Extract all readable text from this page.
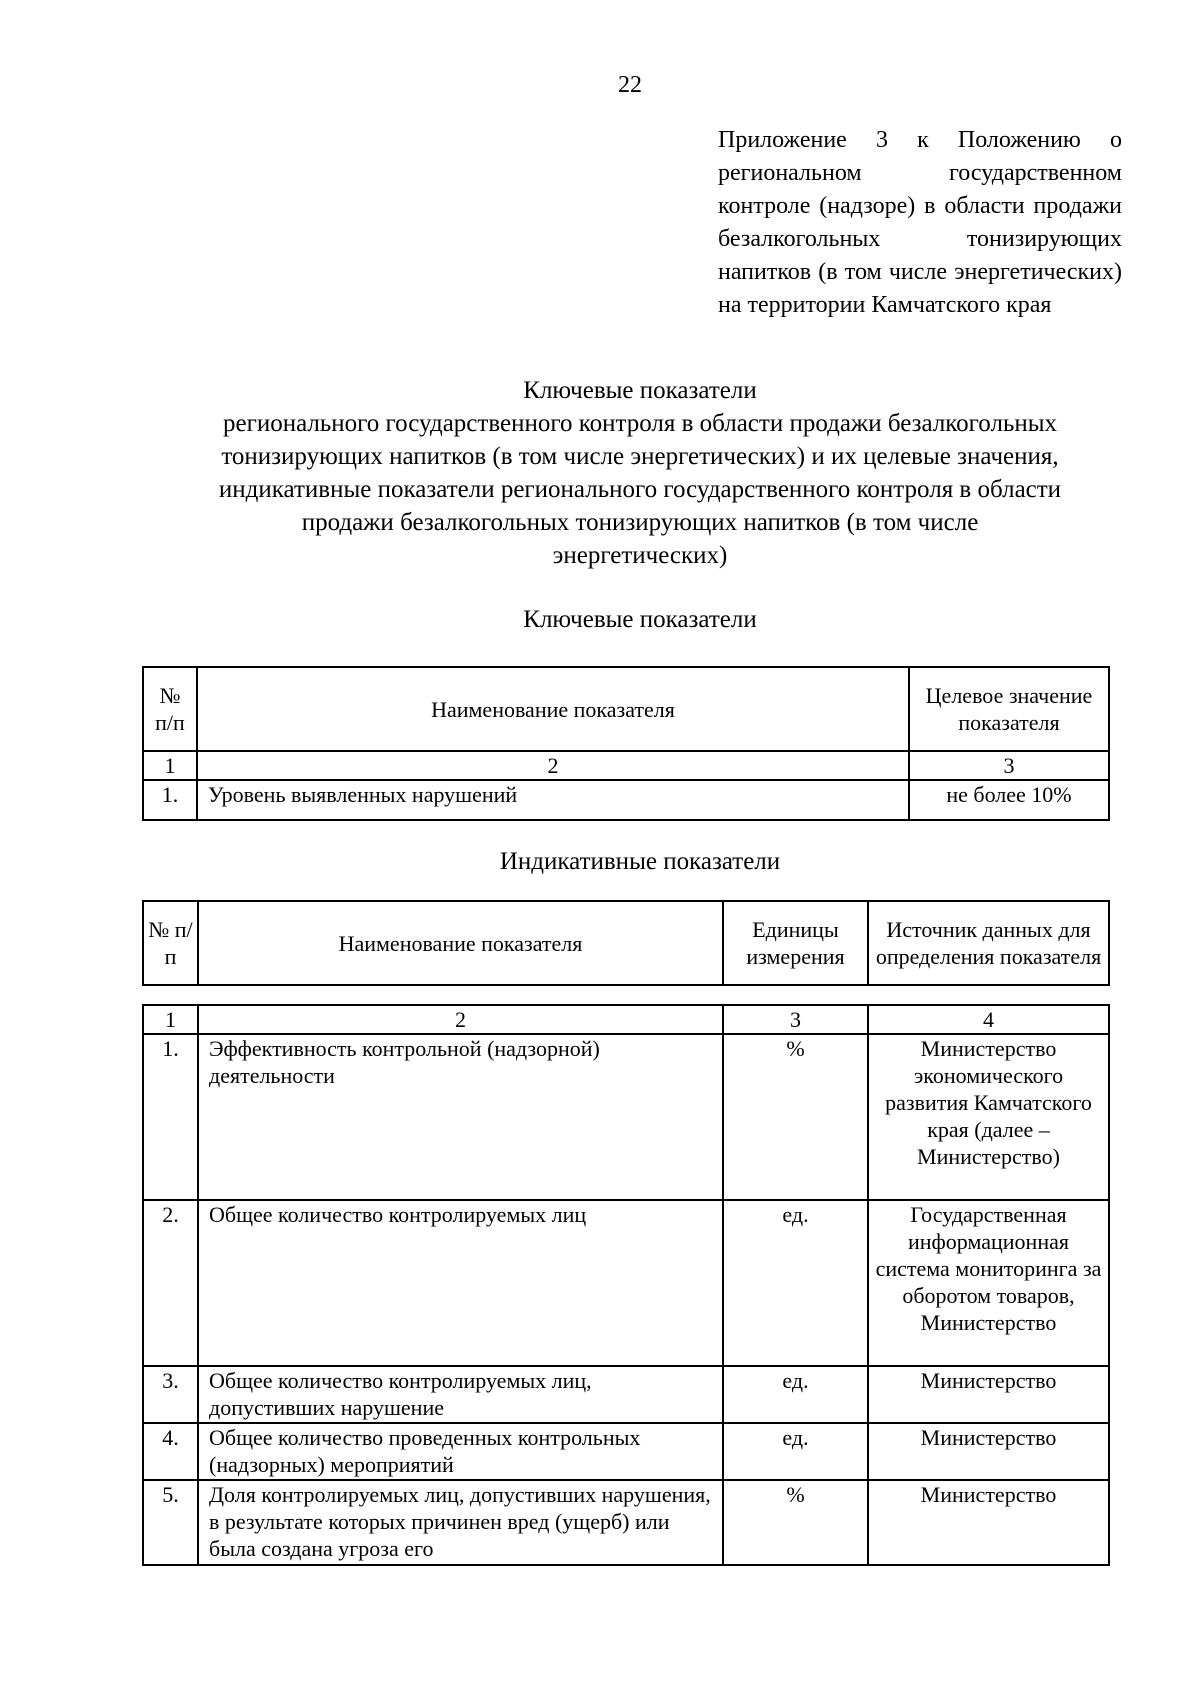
22
Приложение 3 к Положению о региональном государственном контроле (надзоре) в области продажи безалкогольных тонизирующих напитков (в том числе энергетических) на территории Камчатского края
Ключевые показатели
регионального государственного контроля в области продажи безалкогольных
тонизирующих напитков (в том числе энергетических) и их целевые значения,
индикативные показатели регионального государственного контроля в области
продажи безалкогольных тонизирующих напитков (в том числе
энергетических)
Ключевые показатели
№ п/п	Наименование показателя	Целевое значение показателя
1	2	3
1.	Уровень выявленных нарушений	не более 10%
Индикативные показатели
№ п/п	Наименование показателя	Единицы измерения	Источник данных для определения показателя
1	2	3	4
1.	Эффективность контрольной (надзорной) деятельности	%	Министерство экономического развития Камчатского края (далее – Министерство)
2.	Общее количество контролируемых лиц	ед.	Государственная информационная система мониторинга за оборотом товаров, Министерство
3.	Общее количество контролируемых лиц, допустивших нарушение	ед.	Министерство
4.	Общее количество проведенных контрольных (надзорных) мероприятий	ед.	Министерство
5.	Доля контролируемых лиц, допустивших нарушения, в результате которых причинен вред (ущерб) или была создана угроза его	%	Министерство
